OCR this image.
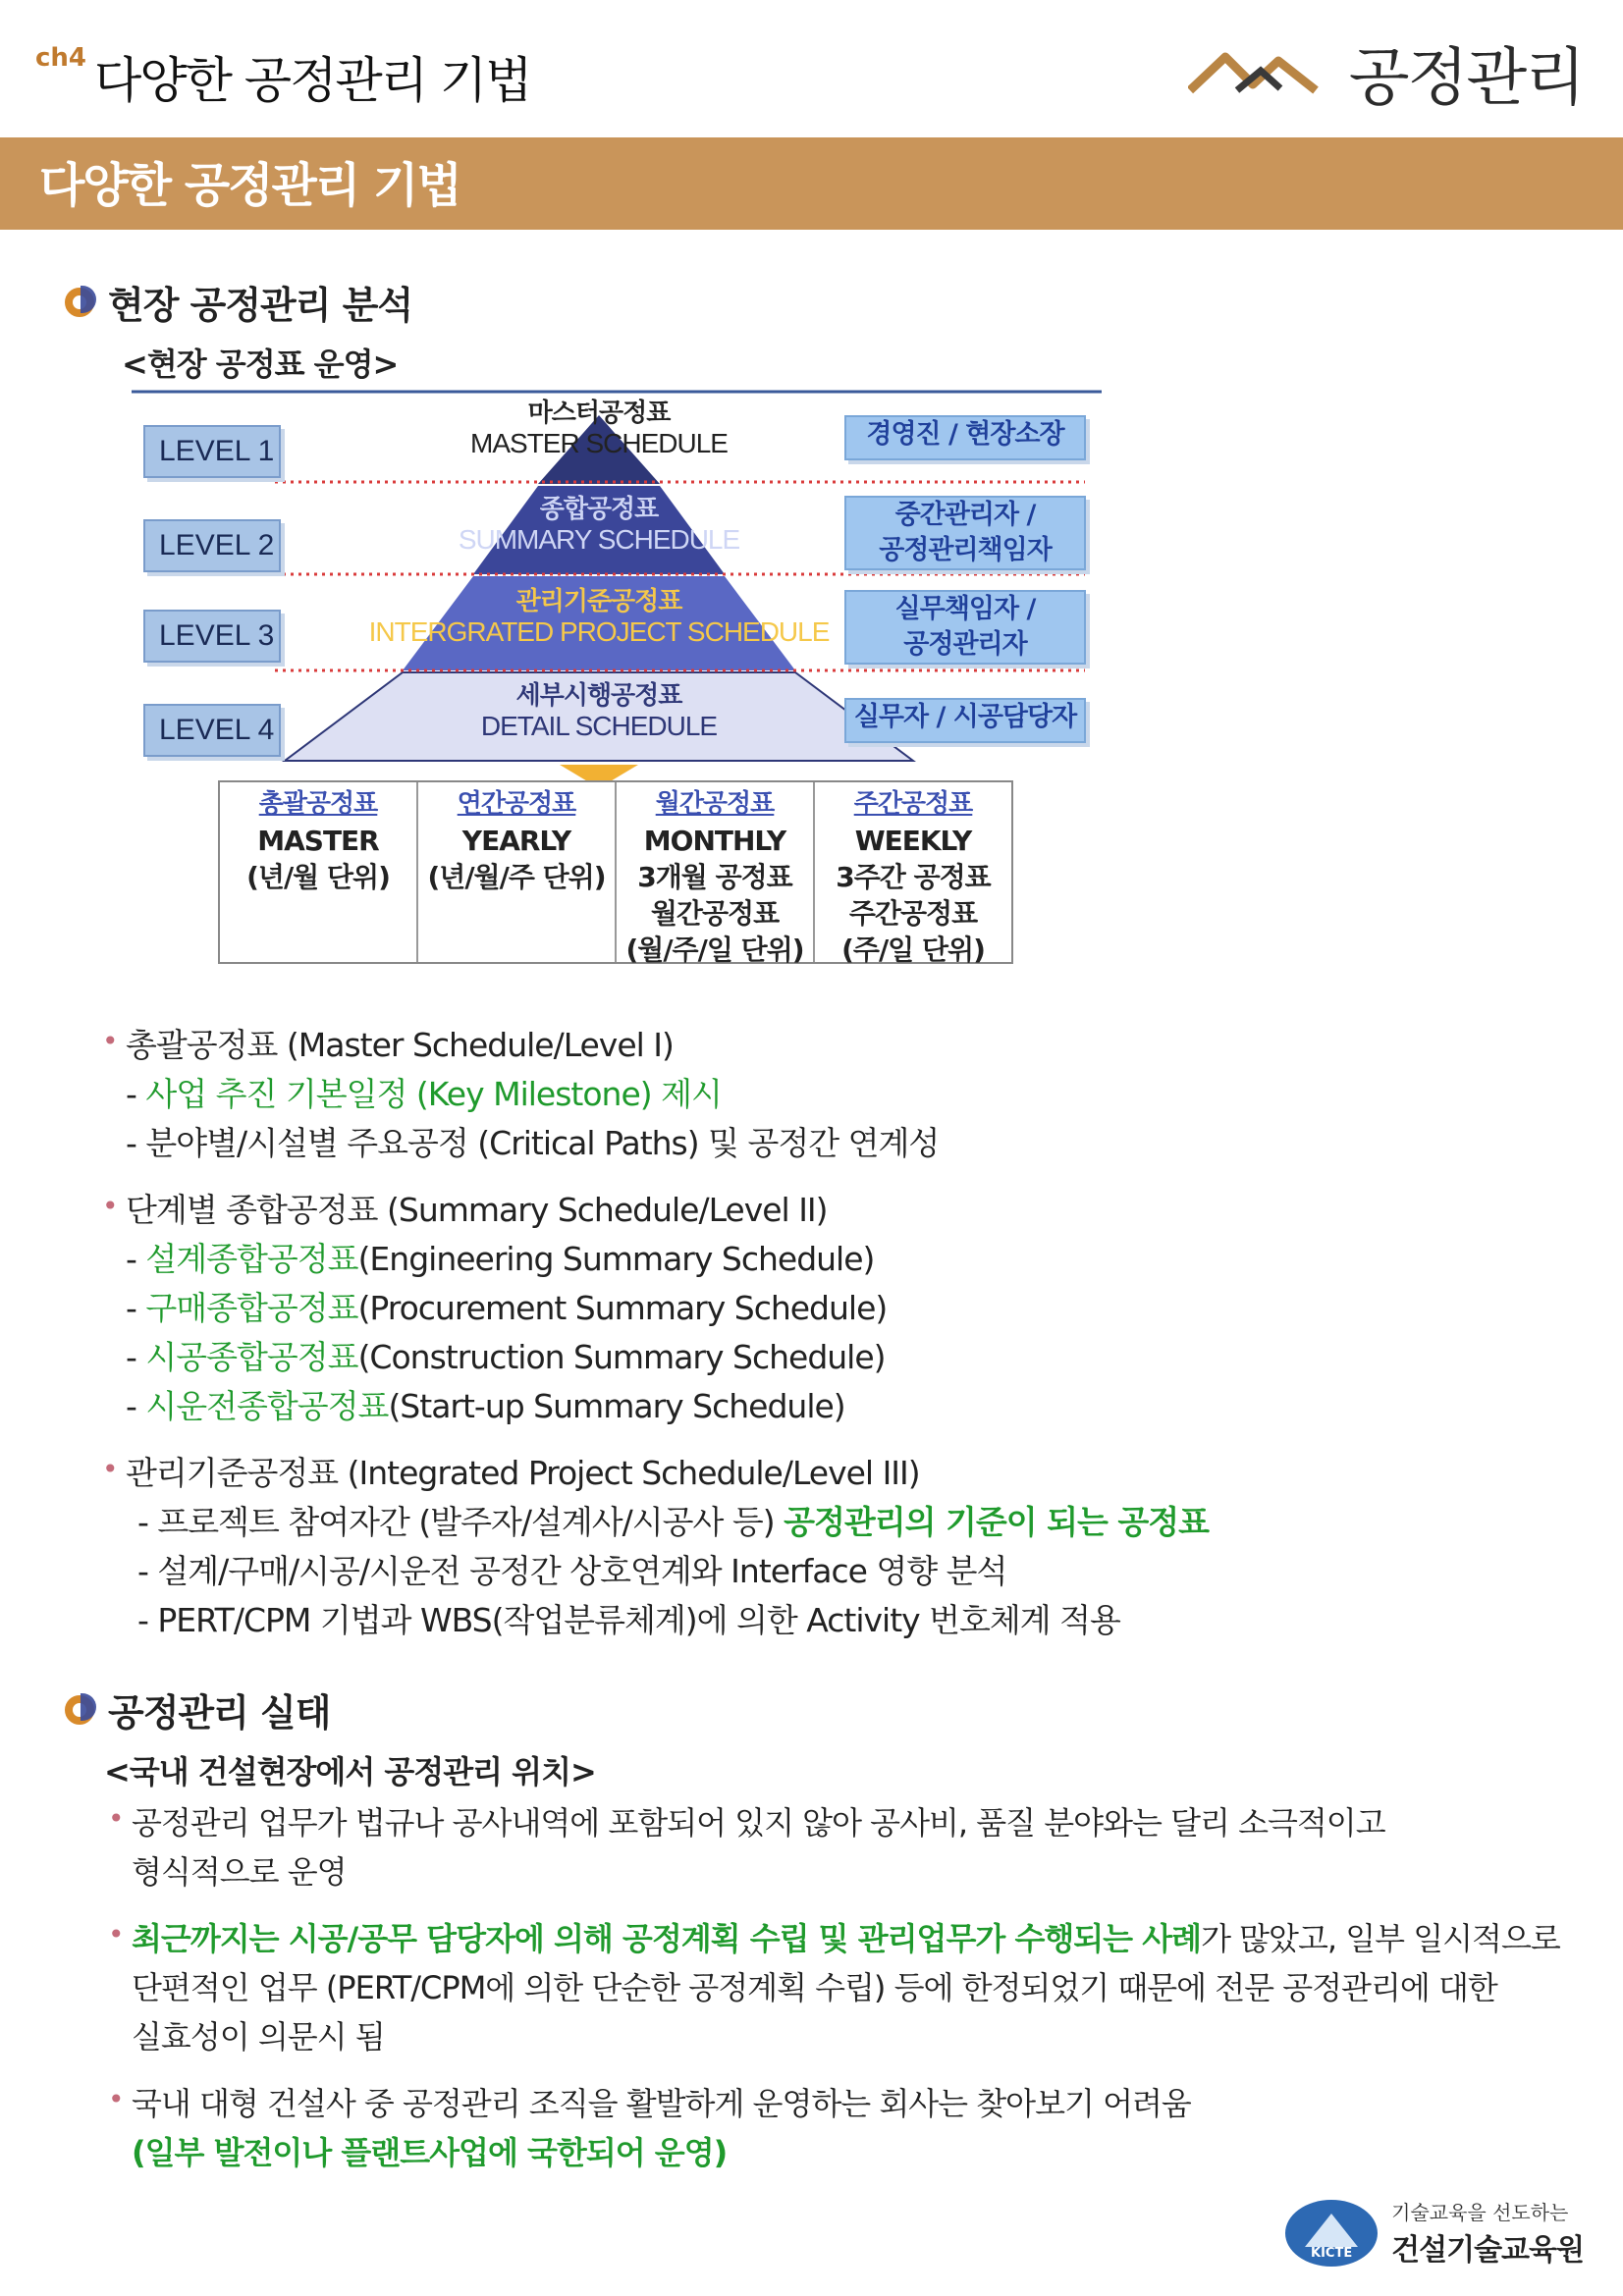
ch4 다양한 공정관리 기법	공정관리
다양한 공정관리 기법
현장 공정관리 분석
<현장 공정표 운영>
LEVEL 1
LEVEL 2
LEVEL 3
LEVEL 4
마스터공정표
MASTER SCHEDULE
종합공정표
SUMMARY SCHEDULE
관리기준공정표
INTERGRATED PROJECT SCHEDULE
세부시행공정표
DETAIL SCHEDULE
경영진 / 현장소장
중간관리자 /
공정관리책임자
실무책임자 /
공정관리자
실무자 / 시공담당자
총괄공정표
MASTER
(년/월 단위)
연간공정표
YEARLY
(년/월/주 단위)
월간공정표
MONTHLY
3개월 공정표
월간공정표
(월/주/일 단위)
주간공정표
WEEKLY
3주간 공정표
주간공정표
(주/일 단위)
• 총괄공정표 (Master Schedule/Level I)
- 사업 추진 기본일정 (Key Milestone) 제시
- 분야별/시설별 주요공정 (Critical Paths) 및 공정간 연계성
• 단계별 종합공정표 (Summary Schedule/Level II)
- 설계종합공정표(Engineering Summary Schedule)
- 구매종합공정표(Procurement Summary Schedule)
- 시공종합공정표(Construction Summary Schedule)
- 시운전종합공정표(Start-up Summary Schedule)
• 관리기준공정표 (Integrated Project Schedule/Level III)
- 프로젝트 참여자간 (발주자/설계사/시공사 등) 공정관리의 기준이 되는 공정표
- 설계/구매/시공/시운전 공정간 상호연계와 Interface 영향 분석
- PERT/CPM 기법과 WBS(작업분류체계)에 의한 Activity 번호체계 적용
공정관리 실태
<국내 건설현장에서 공정관리 위치>
• 공정관리 업무가 법규나 공사내역에 포함되어 있지 않아 공사비, 품질 분야와는 달리 소극적이고
형식적으로 운영
• 최근까지는 시공/공무 담당자에 의해 공정계획 수립 및 관리업무가 수행되는 사례가 많았고, 일부 일시적으로
단편적인 업무 (PERT/CPM에 의한 단순한 공정계획 수립) 등에 한정되었기 때문에 전문 공정관리에 대한
실효성이 의문시 됨
• 국내 대형 건설사 중 공정관리 조직을 활발하게 운영하는 회사는 찾아보기 어려움
(일부 발전이나 플랜트사업에 국한되어 운영)
KICTE
기술교육을 선도하는
건설기술교육원
